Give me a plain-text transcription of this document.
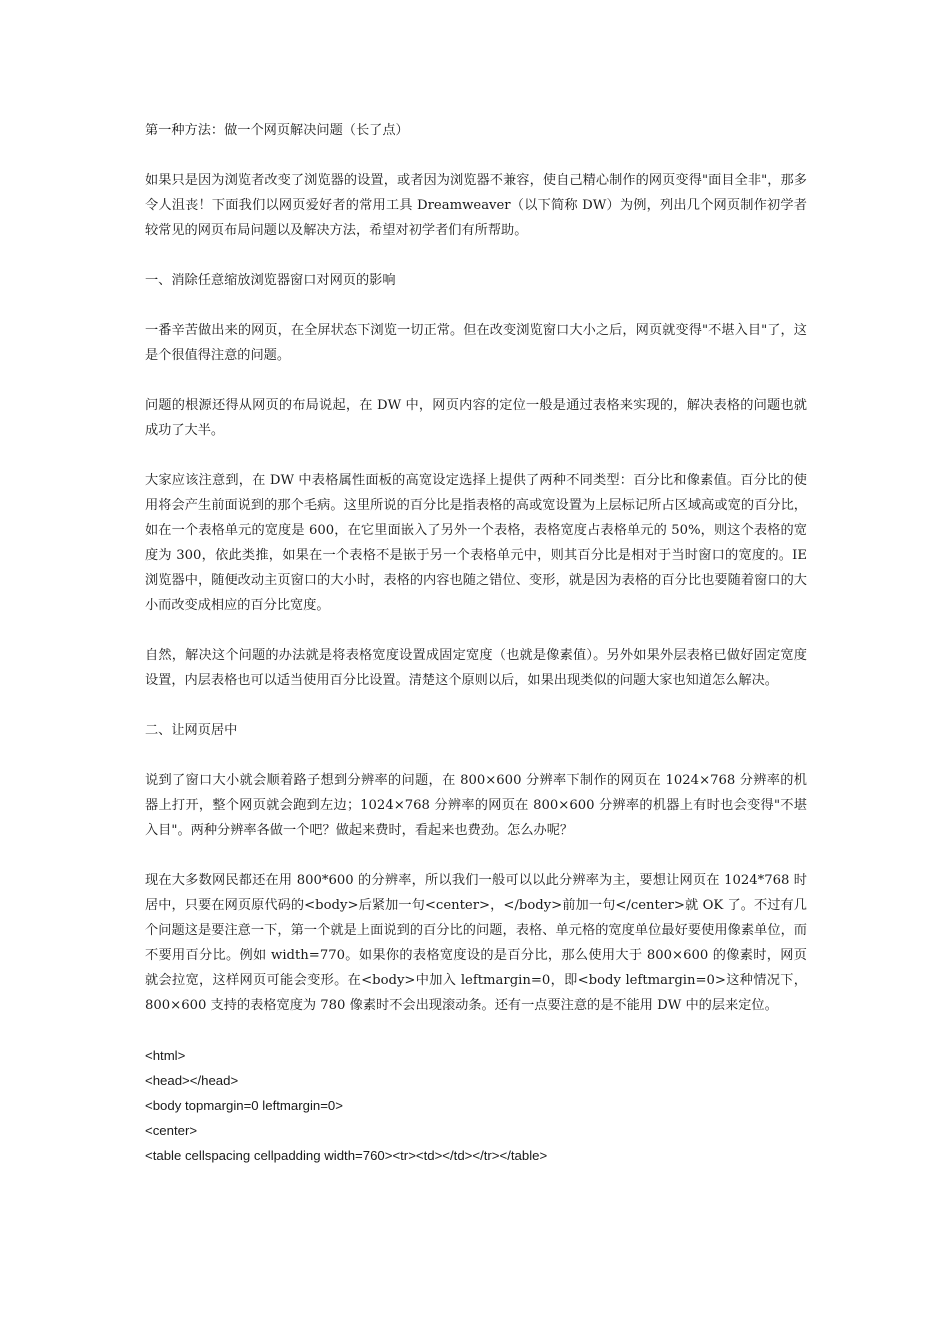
第一种方法：做一个网页解决问题（长了点）

如果只是因为浏览者改变了浏览器的设置，或者因为浏览器不兼容，使自己精心制作的网页变得"面目全非"，那多令人沮丧！下面我们以网页爱好者的常用工具 Dreamweaver（以下简称 DW）为例，列出几个网页制作初学者较常见的网页布局问题以及解决方法，希望对初学者们有所帮助。

一、消除任意缩放浏览器窗口对网页的影响

一番辛苦做出来的网页，在全屏状态下浏览一切正常。但在改变浏览窗口大小之后，网页就变得"不堪入目"了，这是个很值得注意的问题。

问题的根源还得从网页的布局说起，在 DW 中，网页内容的定位一般是通过表格来实现的，解决表格的问题也就成功了大半。

大家应该注意到，在 DW 中表格属性面板的高宽设定选择上提供了两种不同类型：百分比和像素值。百分比的使用将会产生前面说到的那个毛病。这里所说的百分比是指表格的高或宽设置为上层标记所占区域高或宽的百分比，如在一个表格单元的宽度是 600，在它里面嵌入了另外一个表格，表格宽度占表格单元的 50%，则这个表格的宽度为 300，依此类推，如果在一个表格不是嵌于另一个表格单元中，则其百分比是相对于当时窗口的宽度的。IE 浏览器中，随便改动主页窗口的大小时，表格的内容也随之错位、变形，就是因为表格的百分比也要随着窗口的大小而改变成相应的百分比宽度。

自然，解决这个问题的办法就是将表格宽度设置成固定宽度（也就是像素值）。另外如果外层表格已做好固定宽度设置，内层表格也可以适当使用百分比设置。清楚这个原则以后，如果出现类似的问题大家也知道怎么解决。

二、让网页居中

说到了窗口大小就会顺着路子想到分辨率的问题，在 800×600 分辨率下制作的网页在 1024×768 分辨率的机器上打开，整个网页就会跑到左边；1024×768 分辨率的网页在 800×600 分辨率的机器上有时也会变得"不堪入目"。两种分辨率各做一个吧？做起来费时，看起来也费劲。怎么办呢？

现在大多数网民都还在用 800*600 的分辨率，所以我们一般可以以此分辨率为主，要想让网页在 1024*768 时居中，只要在网页原代码的<body>后紧加一句<center>，</body>前加一句</center>就 OK 了。不过有几个问题这是要注意一下，第一个就是上面说到的百分比的问题，表格、单元格的宽度单位最好要使用像素单位，而不要用百分比。例如 width=770。如果你的表格宽度设的是百分比，那么使用大于 800×600 的像素时，网页就会拉宽，这样网页可能会变形。在<body>中加入 leftmargin=0，即<body leftmargin=0>这种情况下，800×600 支持的表格宽度为 780 像素时不会出现滚动条。还有一点要注意的是不能用 DW 中的层来定位。

<html>
<head></head>
<body topmargin=0 leftmargin=0>
<center>
<table cellspacing cellpadding width=760><tr><td></td></tr></table>
